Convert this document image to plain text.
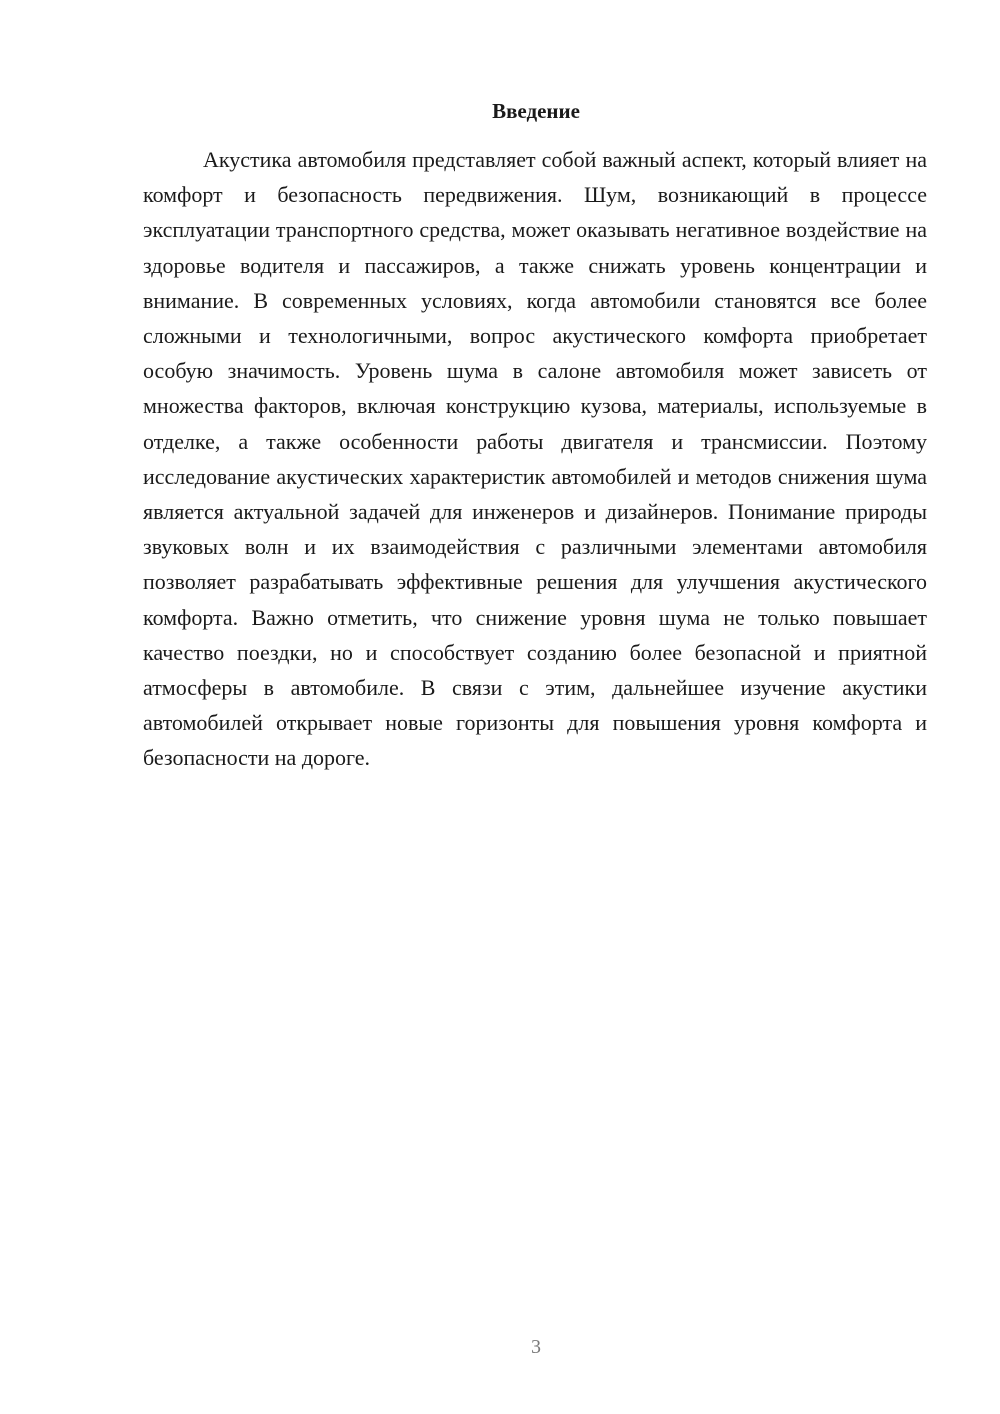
Введение

Акустика автомобиля представляет собой важный аспект, который влияет на комфорт и безопасность передвижения. Шум, возникающий в процессе эксплуатации транспортного средства, может оказывать негативное воздействие на здоровье водителя и пассажиров, а также снижать уровень концентрации и внимание. В современных условиях, когда автомобили становятся все более сложными и технологичными, вопрос акустического комфорта приобретает особую значимость. Уровень шума в салоне автомобиля может зависеть от множества факторов, включая конструкцию кузова, материалы, используемые в отделке, а также особенности работы двигателя и трансмиссии. Поэтому исследование акустических характеристик автомобилей и методов снижения шума является актуальной задачей для инженеров и дизайнеров. Понимание природы звуковых волн и их взаимодействия с различными элементами автомобиля позволяет разрабатывать эффективные решения для улучшения акустического комфорта. Важно отметить, что снижение уровня шума не только повышает качество поездки, но и способствует созданию более безопасной и приятной атмосферы в автомобиле. В связи с этим, дальнейшее изучение акустики автомобилей открывает новые горизонты для повышения уровня комфорта и безопасности на дороге.

3
